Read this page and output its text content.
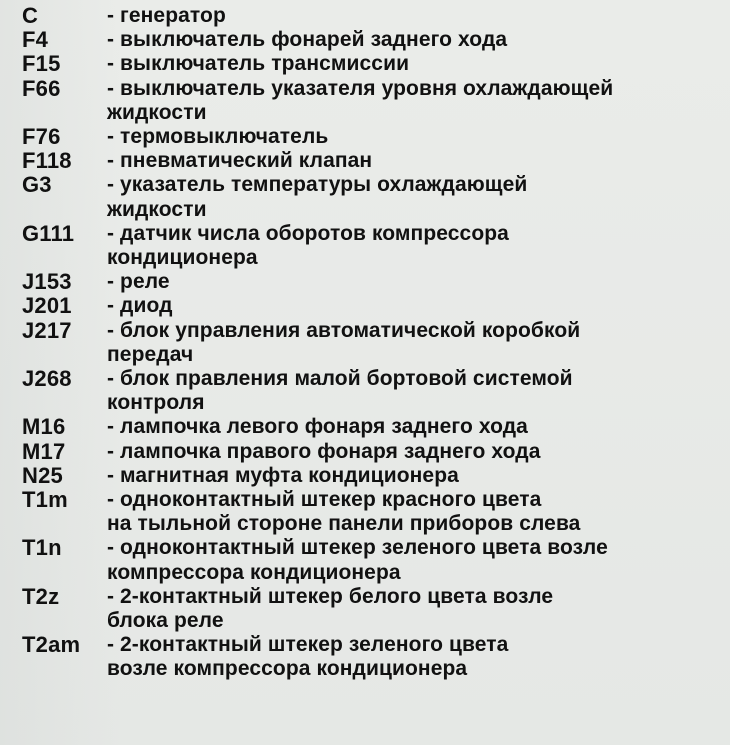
C	- генератор
F4	- выключатель фонарей заднего хода
F15	- выключатель трансмиссии
F66	- выключатель указателя уровня охлаждающей
жидкости
F76	- термовыключатель
F118	- пневматический клапан
G3	- указатель температуры охлаждающей
жидкости
G111	- датчик числа оборотов компрессора
кондиционера
J153	- реле
J201	- диод
J217	- блок управления автоматической коробкой
передач
J268	- блок правления малой бортовой системой
контроля
M16	- лампочка левого фонаря заднего хода
M17	- лампочка правого фонаря заднего хода
N25	- магнитная муфта кондиционера
T1m	- одноконтактный штекер красного цвета
на тыльной стороне панели приборов слева
T1n	- одноконтактный штекер зеленого цвета возле
компрессора кондиционера
T2z	- 2-контактный штекер белого цвета возле
блока реле
T2am	- 2-контактный штекер зеленого цвета
возле компрессора кондиционера
